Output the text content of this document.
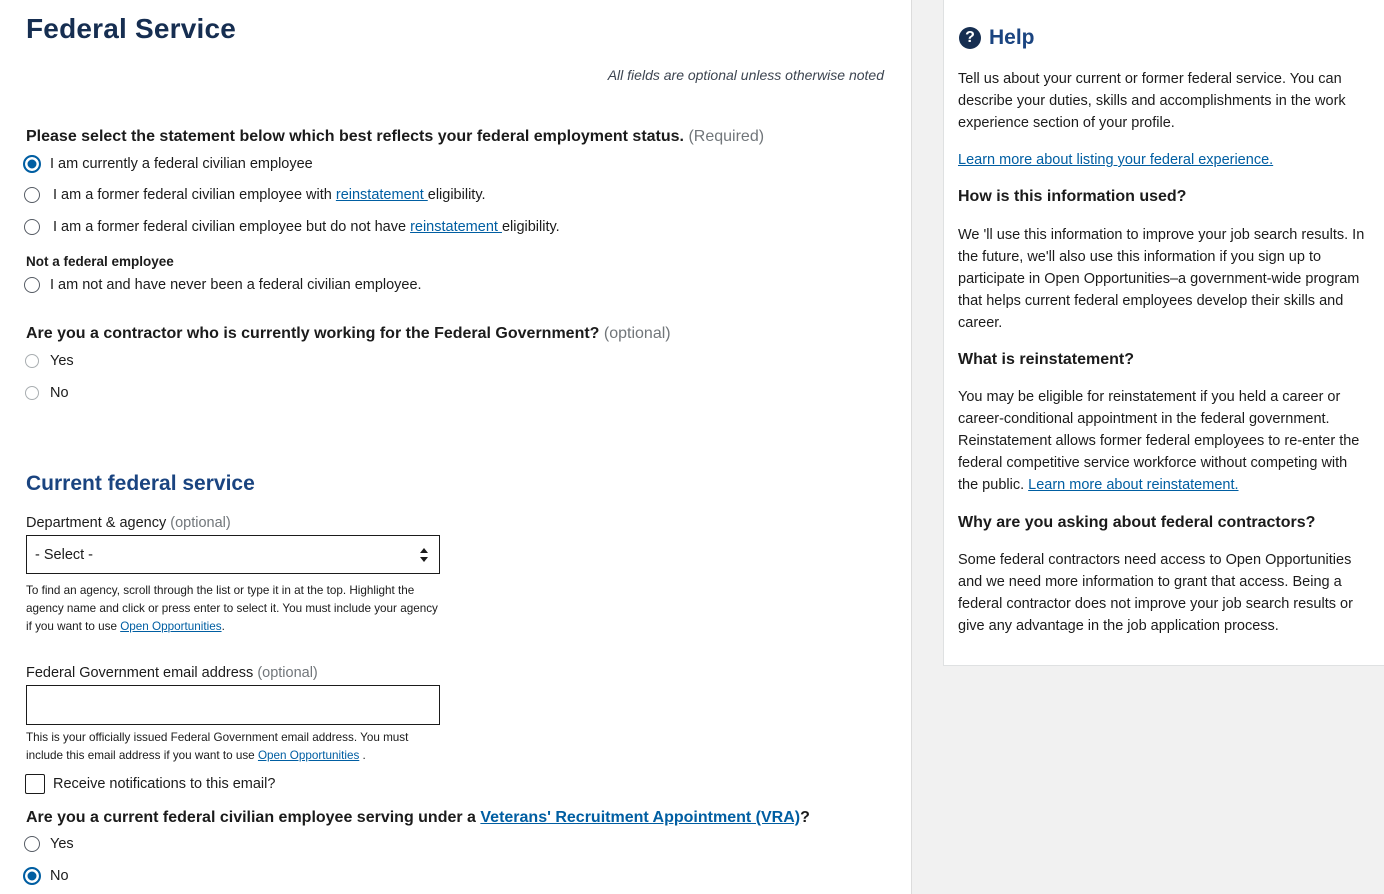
Federal Service
All fields are optional unless otherwise noted
Please select the statement below which best reflects your federal employment status. (Required)
I am currently a federal civilian employee
I am a former federal civilian employee with reinstatement eligibility.
I am a former federal civilian employee but do not have reinstatement eligibility.
Not a federal employee
I am not and have never been a federal civilian employee.
Are you a contractor who is currently working for the Federal Government? (optional)
Yes
No
Current federal service
Department & agency (optional)
- Select -
To find an agency, scroll through the list or type it in at the top. Highlight the agency name and click or press enter to select it. You must include your agency if you want to use Open Opportunities.
Federal Government email address (optional)
This is your officially issued Federal Government email address. You must include this email address if you want to use Open Opportunities .
Receive notifications to this email?
Are you a current federal civilian employee serving under a Veterans' Recruitment Appointment (VRA)?
Yes
No
? Help
Tell us about your current or former federal service. You can describe your duties, skills and accomplishments in the work experience section of your profile.
Learn more about listing your federal experience.
How is this information used?
We 'll use this information to improve your job search results. In the future, we'll also use this information if you sign up to participate in Open Opportunities–a government-wide program that helps current federal employees develop their skills and career.
What is reinstatement?
You may be eligible for reinstatement if you held a career or career-conditional appointment in the federal government. Reinstatement allows former federal employees to re-enter the federal competitive service workforce without competing with the public. Learn more about reinstatement.
Why are you asking about federal contractors?
Some federal contractors need access to Open Opportunities and we need more information to grant that access. Being a federal contractor does not improve your job search results or give any advantage in the job application process.
